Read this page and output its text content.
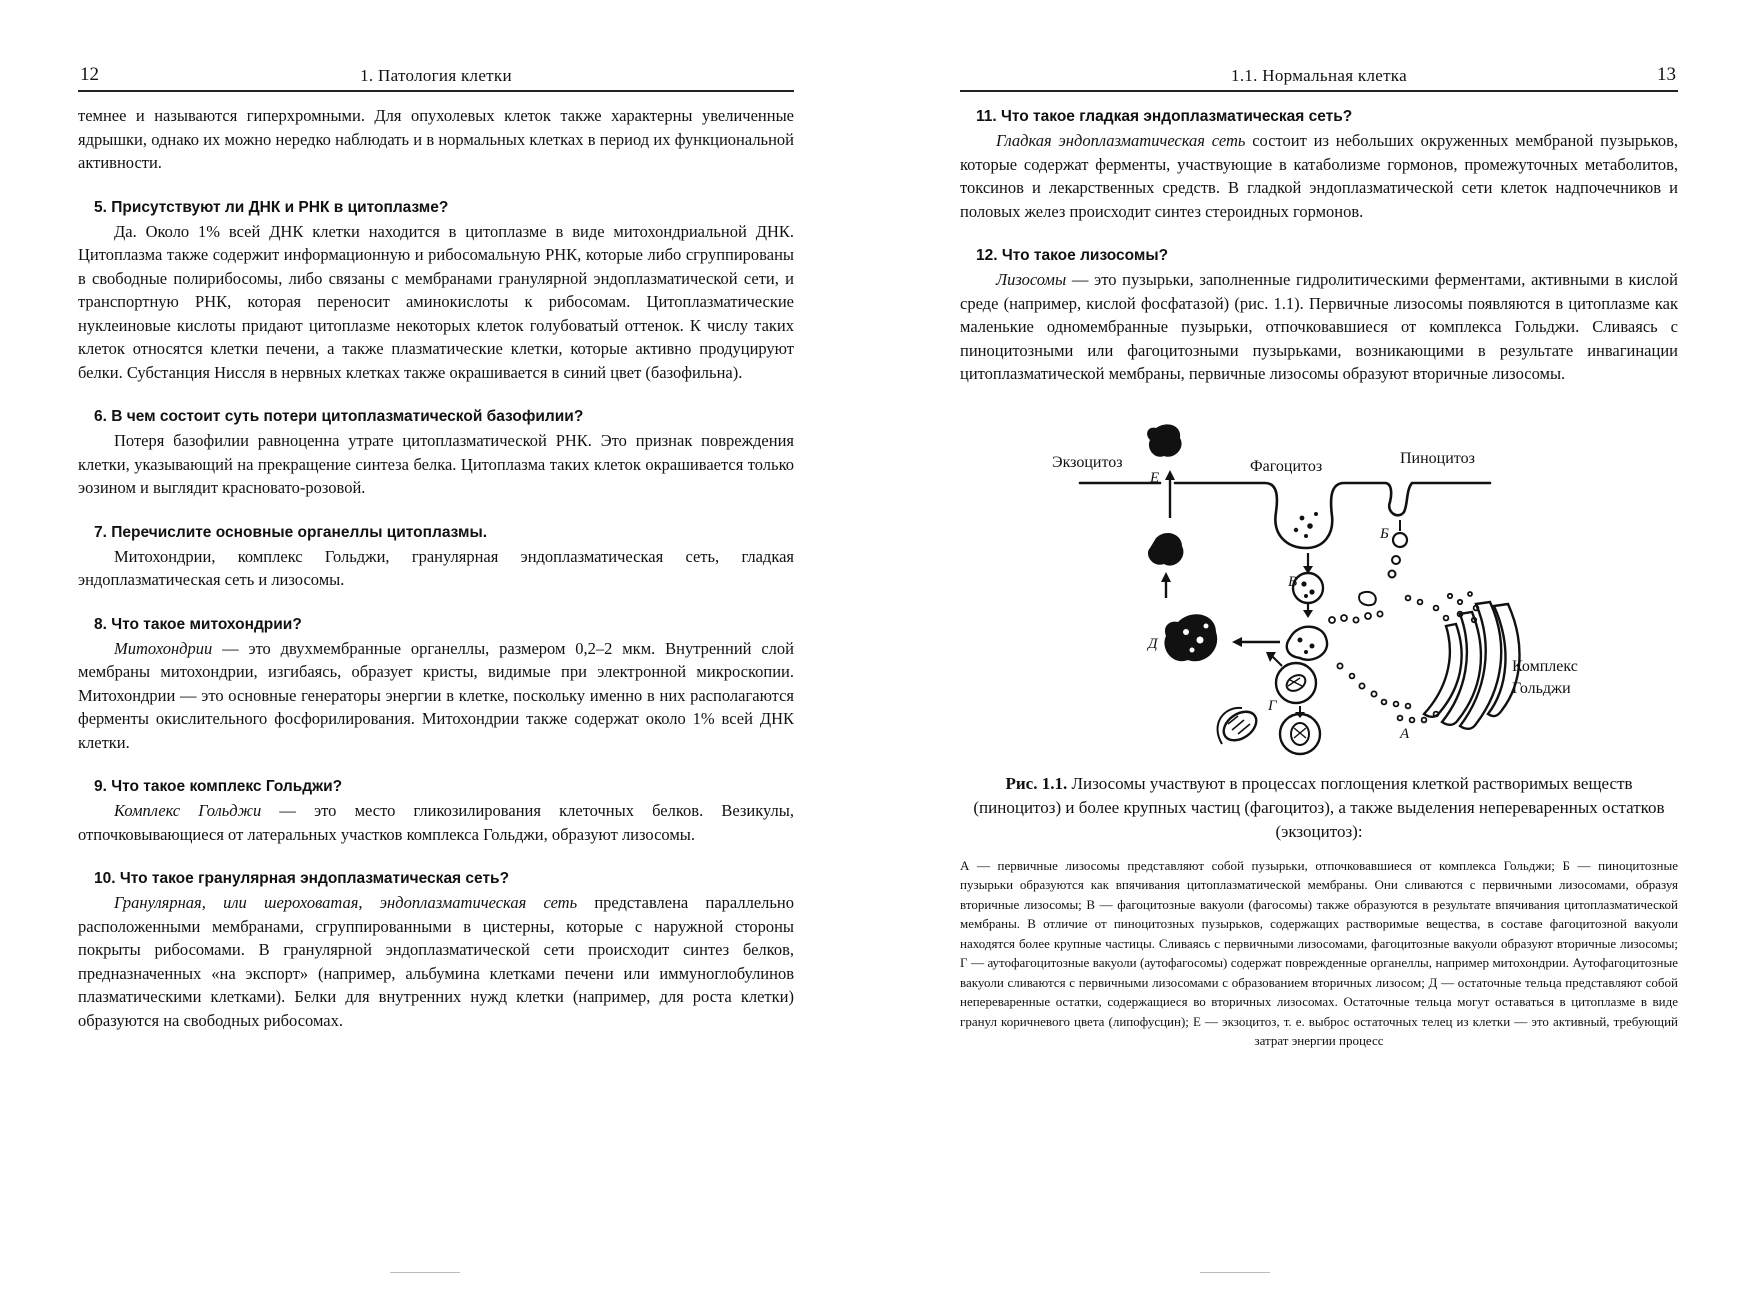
12	1. Патология клетки

темнее и называются гиперхромными. Для опухолевых клеток также характерны увеличенные ядрышки, однако их можно нередко наблюдать и в нормальных клетках в период их функциональной активности.

5. Присутствуют ли ДНК и РНК в цитоплазме?

Да. Около 1% всей ДНК клетки находится в цитоплазме в виде митохондриальной ДНК. Цитоплазма также содержит информационную и рибосомальную РНК, которые либо сгруппированы в свободные полирибосомы, либо связаны с мембранами гранулярной эндоплазматической сети, и транспортную РНК, которая переносит аминокислоты к рибосомам. Цитоплазматические нуклеиновые кислоты придают цитоплазме некоторых клеток голубоватый оттенок. К числу таких клеток относятся клетки печени, а также плазматические клетки, которые активно продуцируют белки. Субстанция Ниссля в нервных клетках также окрашивается в синий цвет (базофильна).

6. В чем состоит суть потери цитоплазматической базофилии?

Потеря базофилии равноценна утрате цитоплазматической РНК. Это признак повреждения клетки, указывающий на прекращение синтеза белка. Цитоплазма таких клеток окрашивается только эозином и выглядит красновато-розовой.

7. Перечислите основные органеллы цитоплазмы.

Митохондрии, комплекс Гольджи, гранулярная эндоплазматическая сеть, гладкая эндоплазматическая сеть и лизосомы.

8. Что такое митохондрии?

Митохондрии — это двухмембранные органеллы, размером 0,2–2 мкм. Внутренний слой мембраны митохондрии, изгибаясь, образует кристы, видимые при электронной микроскопии. Митохондрии — это основные генераторы энергии в клетке, поскольку именно в них располагаются ферменты окислительного фосфорилирования. Митохондрии также содержат около 1% всей ДНК клетки.

9. Что такое комплекс Гольджи?

Комплекс Гольджи — это место гликозилирования клеточных белков. Везикулы, отпочковывающиеся от латеральных участков комплекса Гольджи, образуют лизосомы.

10. Что такое гранулярная эндоплазматическая сеть?

Гранулярная, или шероховатая, эндоплазматическая сеть представлена параллельно расположенными мембранами, сгруппированными в цистерны, которые с наружной стороны покрыты рибосомами. В гранулярной эндоплазматической сети происходит синтез белков, предназначенных «на экспорт» (например, альбумина клетками печени или иммуноглобулинов плазматическими клетками). Белки для внутренних нужд клетки (например, для роста клетки) образуются на свободных рибосомах.

1.1. Нормальная клетка	13
11. Что такое гладкая эндоплазматическая сеть?

Гладкая эндоплазматическая сеть состоит из небольших окруженных мембраной пузырьков, которые содержат ферменты, участвующие в катаболизме гормонов, промежуточных метаболитов, токсинов и лекарственных средств. В гладкой эндоплазматической сети клеток надпочечников и половых желез происходит синтез стероидных гормонов.

12. Что такое лизосомы?

Лизосомы — это пузырьки, заполненные гидролитическими ферментами, активными в кислой среде (например, кислой фосфатазой) (рис. 1.1). Первичные лизосомы появляются в цитоплазме как маленькие одномембранные пузырьки, отпочковавшиеся от комплекса Гольджи. Сливаясь с пиноцитозными или фагоцитозными пузырьками, возникающими в результате инвагинации цитоплазматической мембраны, первичные лизосомы образуют вторичные лизосомы.

Экзоцитоз	Фагоцитоз	Пиноцитоз
Комплекс
Гольджи
А
Б
В
Г
Д
Е

Рис. 1.1. Лизосомы участвуют в процессах поглощения клеткой растворимых веществ (пиноцитоз) и более крупных частиц (фагоцитоз), а также выделения непереваренных остатков (экзоцитоз):

А — первичные лизосомы представляют собой пузырьки, отпочковавшиеся от комплекса Гольджи; Б — пиноцитозные пузырьки образуются как впячивания цитоплазматической мембраны. Они сливаются с первичными лизосомами, образуя вторичные лизосомы; В — фагоцитозные вакуоли (фагосомы) также образуются в результате впячивания цитоплазматической мембраны. В отличие от пиноцитозных пузырьков, содержащих растворимые вещества, в составе фагоцитозной вакуоли находятся более крупные частицы. Сливаясь с первичными лизосомами, фагоцитозные вакуоли образуют вторичные лизосомы; Г — аутофагоцитозные вакуоли (аутофагосомы) содержат поврежденные органеллы, например митохондрии. Аутофагоцитозные вакуоли сливаются с первичными лизосомами с образованием вторичных лизосом; Д — остаточные тельца представляют собой непереваренные остатки, содержащиеся во вторичных лизосомах. Остаточные тельца могут оставаться в цитоплазме в виде гранул коричневого цвета (липофусцин); Е — экзоцитоз, т. е. выброс остаточных телец из клетки — это активный, требующий затрат энергии процесс
